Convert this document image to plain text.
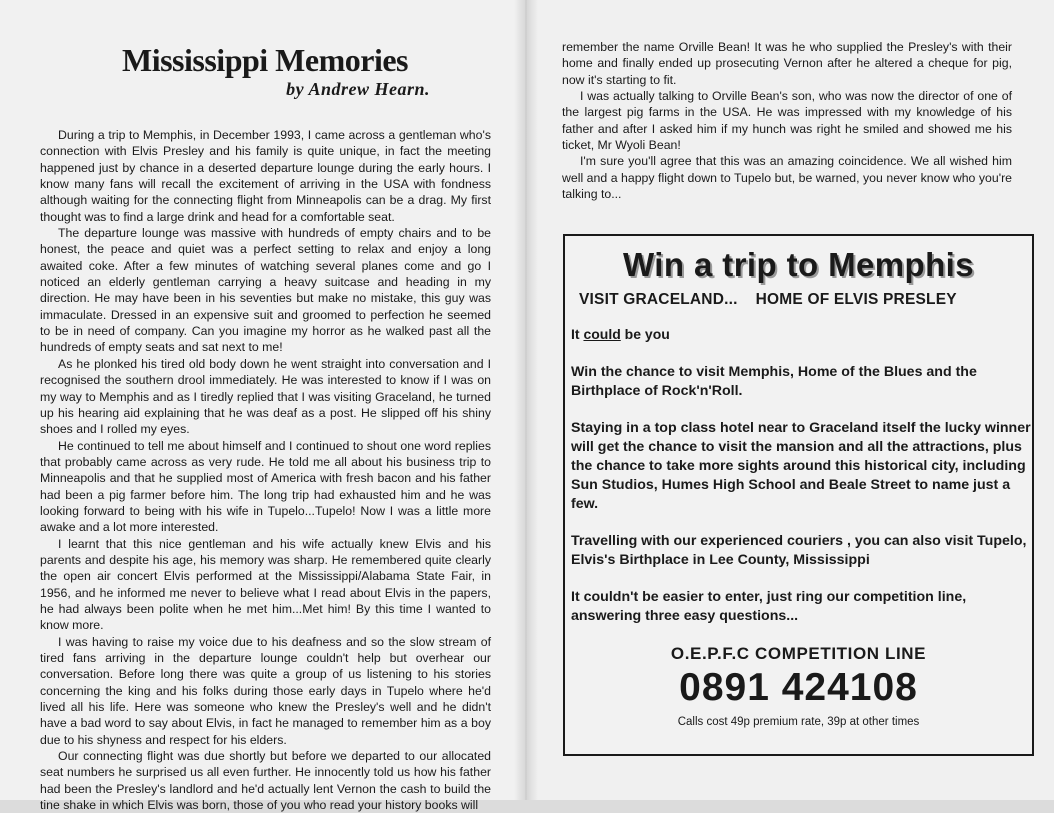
Mississippi Memories
by Andrew Hearn.

During a trip to Memphis, in December 1993, I came across a gentleman who's connection with Elvis Presley and his family is quite unique, in fact the meeting happened just by chance in a deserted departure lounge during the early hours. I know many fans will recall the excitement of arriving in the USA with fondness although waiting for the connecting flight from Minneapolis can be a drag. My first thought was to find a large drink and head for a comfortable seat.

The departure lounge was massive with hundreds of empty chairs and to be honest, the peace and quiet was a perfect setting to relax and enjoy a long awaited coke. After a few minutes of watching several planes come and go I noticed an elderly gentleman carrying a heavy suitcase and heading in my direction. He may have been in his seventies but make no mistake, this guy was immaculate. Dressed in an expensive suit and groomed to perfection he seemed to be in need of company. Can you imagine my horror as he walked past all the hundreds of empty seats and sat next to me!

As he plonked his tired old body down he went straight into conversation and I recognised the southern drool immediately. He was interested to know if I was on my way to Memphis and as I tiredly replied that I was visiting Graceland, he turned up his hearing aid explaining that he was deaf as a post. He slipped off his shiny shoes and I rolled my eyes.

He continued to tell me about himself and I continued to shout one word replies that probably came across as very rude. He told me all about his business trip to Minneapolis and that he supplied most of America with fresh bacon and his father had been a pig farmer before him. The long trip had exhausted him and he was looking forward to being with his wife in Tupelo...Tupelo! Now I was a little more awake and a lot more interested.

I learnt that this nice gentleman and his wife actually knew Elvis and his parents and despite his age, his memory was sharp. He remembered quite clearly the open air concert Elvis performed at the Mississippi/Alabama State Fair, in 1956, and he informed me never to believe what I read about Elvis in the papers, he had always been polite when he met him...Met him! By this time I wanted to know more.

I was having to raise my voice due to his deafness and so the slow stream of tired fans arriving in the departure lounge couldn't help but overhear our conversation. Before long there was quite a group of us listening to his stories concerning the king and his folks during those early days in Tupelo where he'd lived all his life. Here was someone who knew the Presley's well and he didn't have a bad word to say about Elvis, in fact he managed to remember him as a boy due to his shyness and respect for his elders.

Our connecting flight was due shortly but before we departed to our allocated seat numbers he surprised us all even further. He innocently told us how his father had been the Presley's landlord and he'd actually lent Vernon the cash to build the tine shake in which Elvis was born, those of you who read your history books will

remember the name Orville Bean! It was he who supplied the Presley's with their home and finally ended up prosecuting Vernon after he altered a cheque for pig, now it's starting to fit.

I was actually talking to Orville Bean's son, who was now the director of one of the largest pig farms in the USA. He was impressed with my knowledge of his father and after I asked him if my hunch was right he smiled and showed me his ticket, Mr Wyoli Bean!

I'm sure you'll agree that this was an amazing coincidence. We all wished him well and a happy flight down to Tupelo but, be warned, you never know who you're talking to...

Win a trip to Memphis
VISIT GRACELAND...    HOME OF ELVIS PRESLEY
It could be you
Win the chance to visit Memphis, Home of the Blues and the Birthplace of Rock'n'Roll.
Staying in a top class hotel near to Graceland itself the lucky winner will get the chance to visit the mansion and all the attractions, plus the chance to take more sights around this historical city, including Sun Studios, Humes High School and Beale Street to name just a few.
Travelling with our experienced couriers , you can also visit Tupelo, Elvis's Birthplace in Lee County, Mississippi
It couldn't be easier to enter, just ring our competition line, answering three easy questions...
O.E.P.F.C COMPETITION LINE
0891 424108
Calls cost 49p premium rate, 39p at other times
